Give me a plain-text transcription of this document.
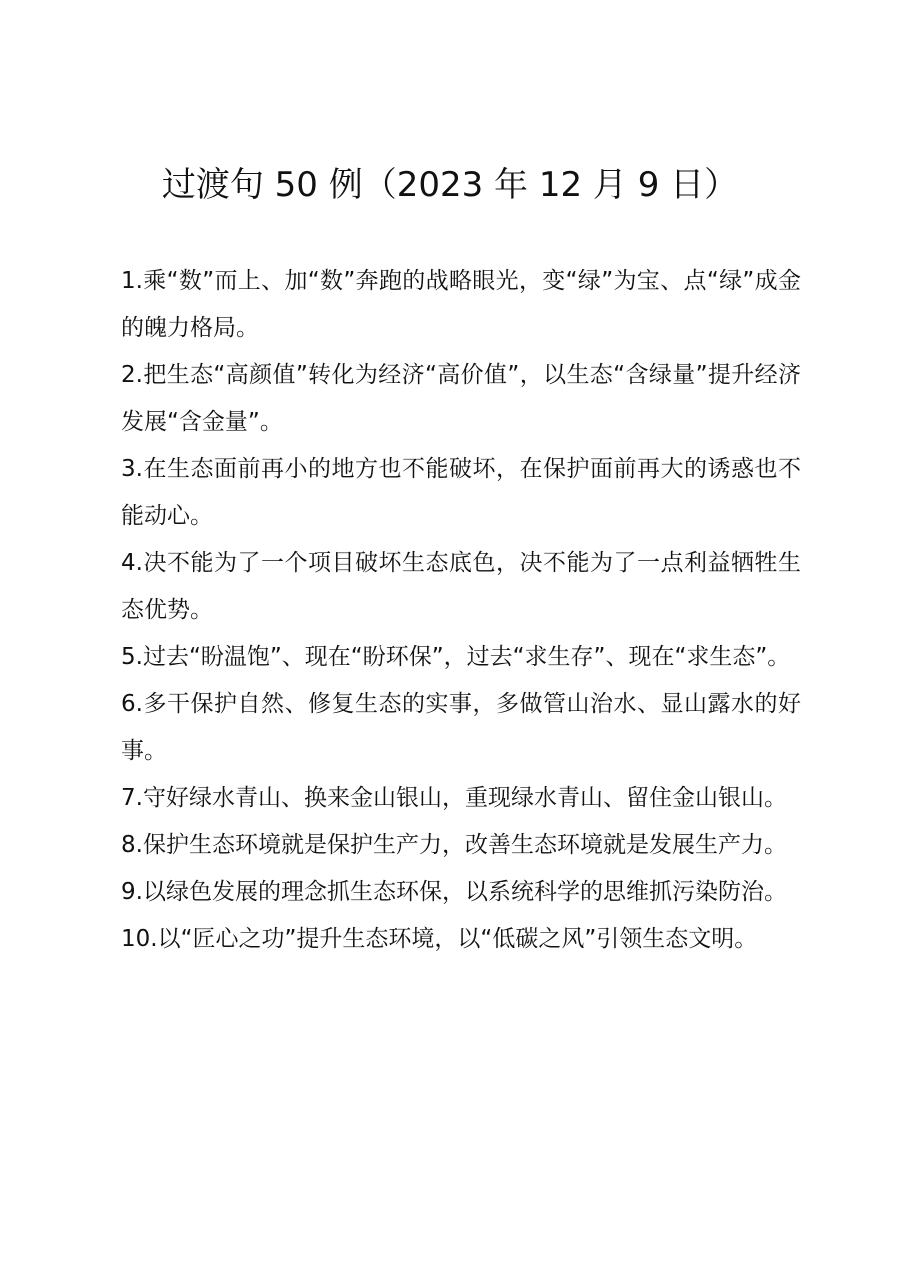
过渡句 50 例（2023 年 12 月 9 日）
1.乘“数”而上、加“数”奔跑的战略眼光，变“绿”为宝、点“绿”成金的魄力格局。
2.把生态“高颜值”转化为经济“高价值”，以生态“含绿量”提升经济发展“含金量”。
3.在生态面前再小的地方也不能破坏，在保护面前再大的诱惑也不能动心。
4.决不能为了一个项目破坏生态底色，决不能为了一点利益牺牲生态优势。
5.过去“盼温饱”、现在“盼环保”，过去“求生存”、现在“求生态”。
6.多干保护自然、修复生态的实事，多做管山治水、显山露水的好事。
7.守好绿水青山、换来金山银山，重现绿水青山、留住金山银山。
8.保护生态环境就是保护生产力，改善生态环境就是发展生产力。
9.以绿色发展的理念抓生态环保，以系统科学的思维抓污染防治。
10.以“匠心之功”提升生态环境，以“低碳之风”引领生态文明。
